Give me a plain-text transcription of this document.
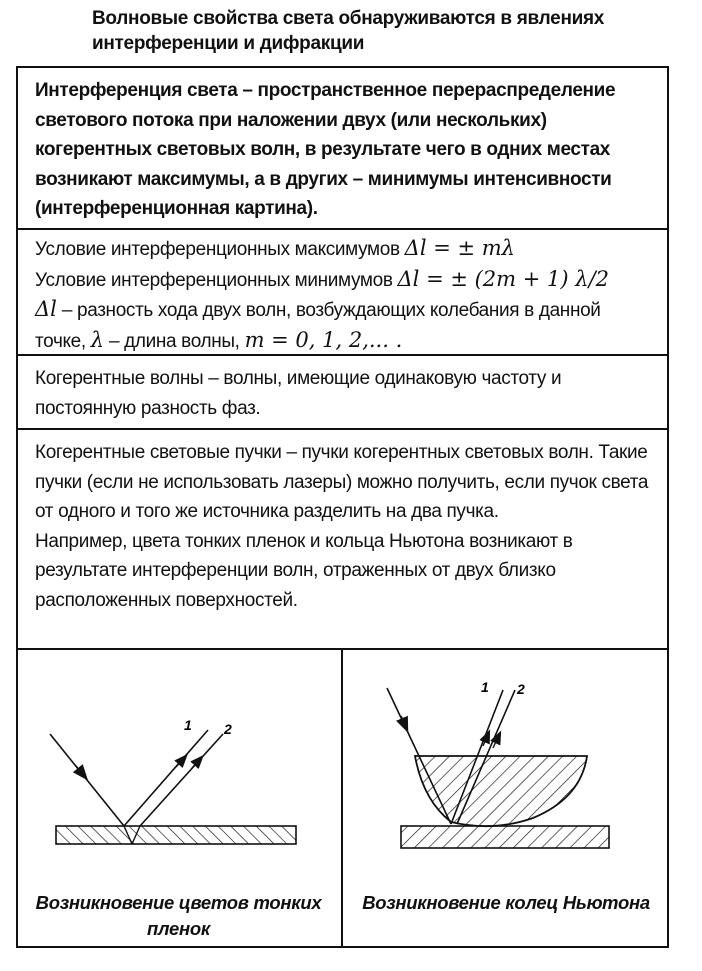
Волновые свойства света обнаруживаются в явлениях интерференции и дифракции
Интерференция света – пространственное перераспределение светового потока при наложении двух (или нескольких) когерентных световых волн, в результате чего в одних местах возникают максимумы, а в других – минимумы интенсивности (интерференционная картина).
Условие интерференционных максимумов Δl = ± mλ
Условие интерференционных минимумов Δl = ± (2m + 1) λ/2
Δl – разность хода двух волн, возбуждающих колебания в данной точке, λ – длина волны, m = 0, 1, 2,... .
Когерентные волны – волны, имеющие одинаковую частоту и постоянную разность фаз.
Когерентные световые пучки – пучки когерентных световых волн. Такие пучки (если не использовать лазеры) можно получить, если пучок света от одного и того же источника разделить на два пучка.
Например, цвета тонких пленок и кольца Ньютона возникают в результате интерференции волн, отраженных от двух близко расположенных поверхностей.
1 2
Возникновение цветов тонких пленок
1 2
Возникновение колец Ньютона
